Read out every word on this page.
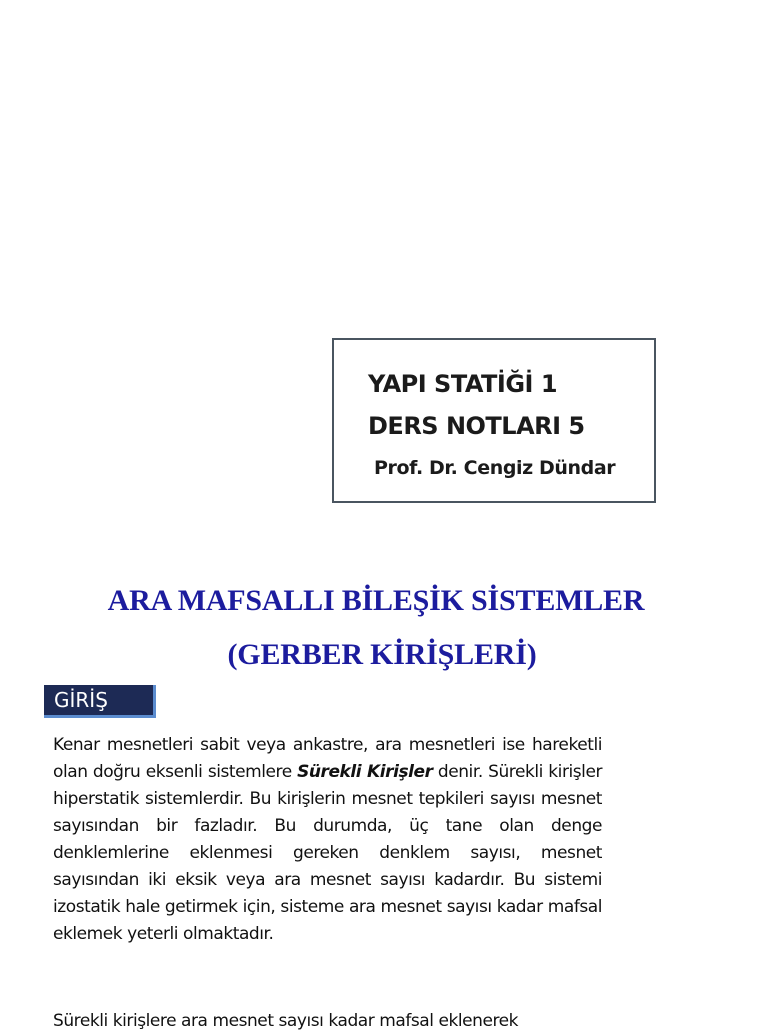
YAPI STATİĞİ 1
DERS NOTLARI 5
Prof. Dr. Cengiz Dündar
ARA MAFSALLI BİLEŞİK SİSTEMLER
(GERBER KİRİŞLERİ)
GİRİŞ
Kenar mesnetleri sabit veya ankastre, ara mesnetleri ise hareketli olan doğru eksenli sistemlere Sürekli Kirişler denir. Sürekli kirişler hiperstatik sistemlerdir. Bu kirişlerin mesnet tepkileri sayısı mesnet sayısından bir fazladır. Bu durumda, üç tane olan denge denklemlerine eklenmesi gereken denklem sayısı, mesnet sayısından iki eksik veya ara mesnet sayısı kadardır. Bu sistemi izostatik hale getirmek için, sisteme ara mesnet sayısı kadar mafsal eklemek yeterli olmaktadır.
Sürekli kirişlere ara mesnet sayısı kadar mafsal eklenerek
